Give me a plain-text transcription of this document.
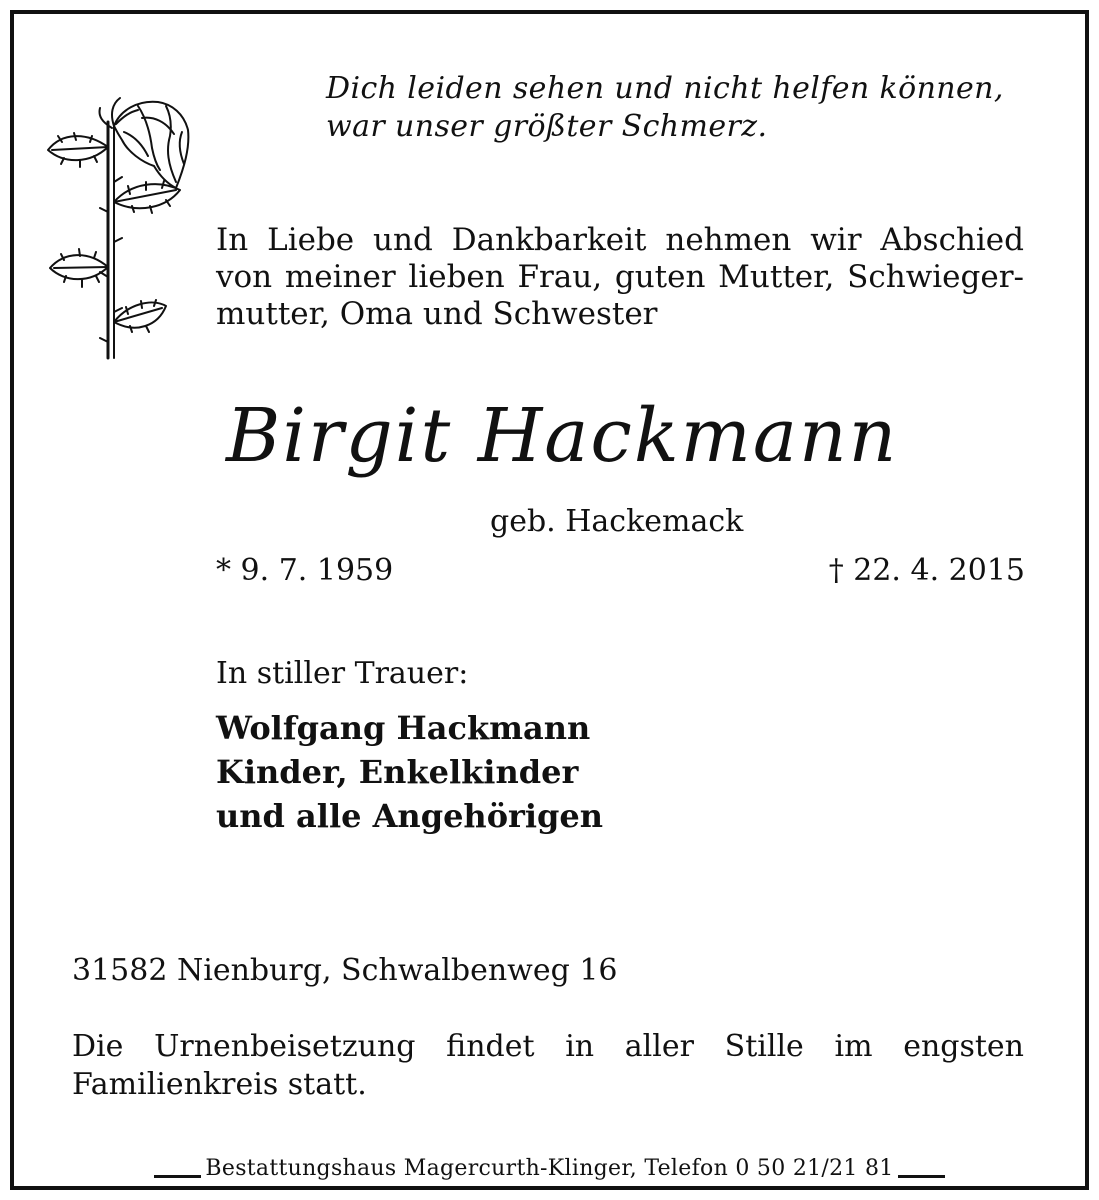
Dich leiden sehen und nicht helfen können,
war unser größter Schmerz.
In Liebe und Dankbarkeit nehmen wir Abschied
von meiner lieben Frau, guten Mutter, Schwieger-
mutter, Oma und Schwester
Birgit Hackmann
geb. Hackemack
* 9. 7. 1959	† 22. 4. 2015
In stiller Trauer:
Wolfgang Hackmann
Kinder, Enkelkinder
und alle Angehörigen
31582 Nienburg, Schwalbenweg 16
Die Urnenbeisetzung findet in aller Stille im engsten
Familienkreis statt.
Bestattungshaus Magercurth-Klinger, Telefon 0 50 21/21 81
